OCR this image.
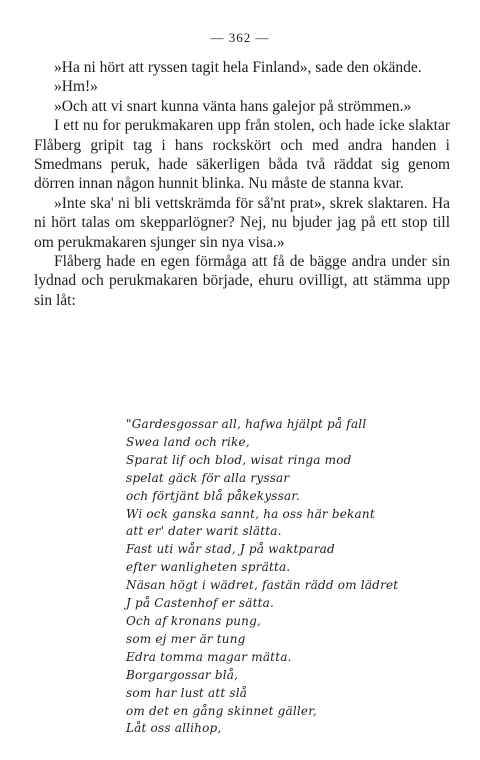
— 362 —

»Ha ni hört att ryssen tagit hela Finland», sade den okände.

»Hm!»

»Och att vi snart kunna vänta hans galejor på strömmen.»

I ett nu for perukmakaren upp från stolen, och hade icke slaktar Flåberg gripit tag i hans rockskört och med andra handen i Smedmans peruk, hade säkerligen båda två räddat sig genom dörren innan någon hunnit blinka. Nu måste de stanna kvar.

»Inte ska' ni bli vettskrämda för så'nt prat», skrek slaktaren. Ha ni hört talas om skepparlögner? Nej, nu bjuder jag på ett stop till om perukmakaren sjunger sin nya visa.»

Flåberg hade en egen förmåga att få de bägge andra under sin lydnad och perukmakaren började, ehuru ovilligt, att stämma upp sin låt:

"Gardesgossar all, hafwa hjälpt på fall
Swea land och rike,
Sparat lif och blod, wisat ringa mod
spelat gäck för alla ryssar
och förtjänt blå påkekyssar.
Wi ock ganska sannt, ha oss här bekant
att er' dater warit slätta.
Fast uti wår stad, J på waktparad
efter wanligheten sprätta.
Näsan högt i wädret, fastän rädd om lädret
J på Castenhof er sätta.
Och af kronans pung,
som ej mer är tung
Edra tomma magar mätta.
Borgargossar blå,
som har lust att slå
om det en gång skinnet gäller,
Låt oss allihop,
